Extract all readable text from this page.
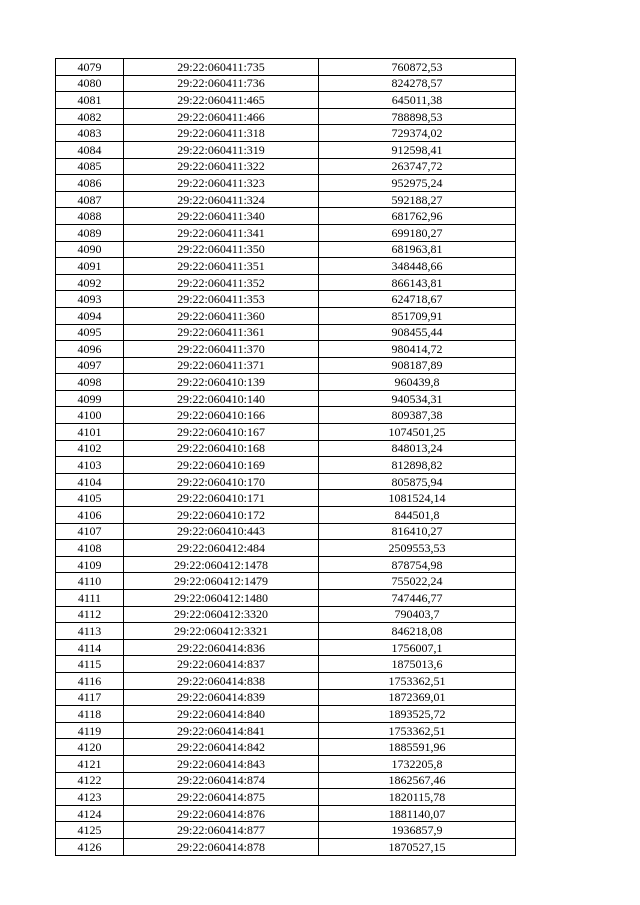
4079	29:22:060411:735	760872,53
4080	29:22:060411:736	824278,57
4081	29:22:060411:465	645011,38
4082	29:22:060411:466	788898,53
4083	29:22:060411:318	729374,02
4084	29:22:060411:319	912598,41
4085	29:22:060411:322	263747,72
4086	29:22:060411:323	952975,24
4087	29:22:060411:324	592188,27
4088	29:22:060411:340	681762,96
4089	29:22:060411:341	699180,27
4090	29:22:060411:350	681963,81
4091	29:22:060411:351	348448,66
4092	29:22:060411:352	866143,81
4093	29:22:060411:353	624718,67
4094	29:22:060411:360	851709,91
4095	29:22:060411:361	908455,44
4096	29:22:060411:370	980414,72
4097	29:22:060411:371	908187,89
4098	29:22:060410:139	960439,8
4099	29:22:060410:140	940534,31
4100	29:22:060410:166	809387,38
4101	29:22:060410:167	1074501,25
4102	29:22:060410:168	848013,24
4103	29:22:060410:169	812898,82
4104	29:22:060410:170	805875,94
4105	29:22:060410:171	1081524,14
4106	29:22:060410:172	844501,8
4107	29:22:060410:443	816410,27
4108	29:22:060412:484	2509553,53
4109	29:22:060412:1478	878754,98
4110	29:22:060412:1479	755022,24
4111	29:22:060412:1480	747446,77
4112	29:22:060412:3320	790403,7
4113	29:22:060412:3321	846218,08
4114	29:22:060414:836	1756007,1
4115	29:22:060414:837	1875013,6
4116	29:22:060414:838	1753362,51
4117	29:22:060414:839	1872369,01
4118	29:22:060414:840	1893525,72
4119	29:22:060414:841	1753362,51
4120	29:22:060414:842	1885591,96
4121	29:22:060414:843	1732205,8
4122	29:22:060414:874	1862567,46
4123	29:22:060414:875	1820115,78
4124	29:22:060414:876	1881140,07
4125	29:22:060414:877	1936857,9
4126	29:22:060414:878	1870527,15
